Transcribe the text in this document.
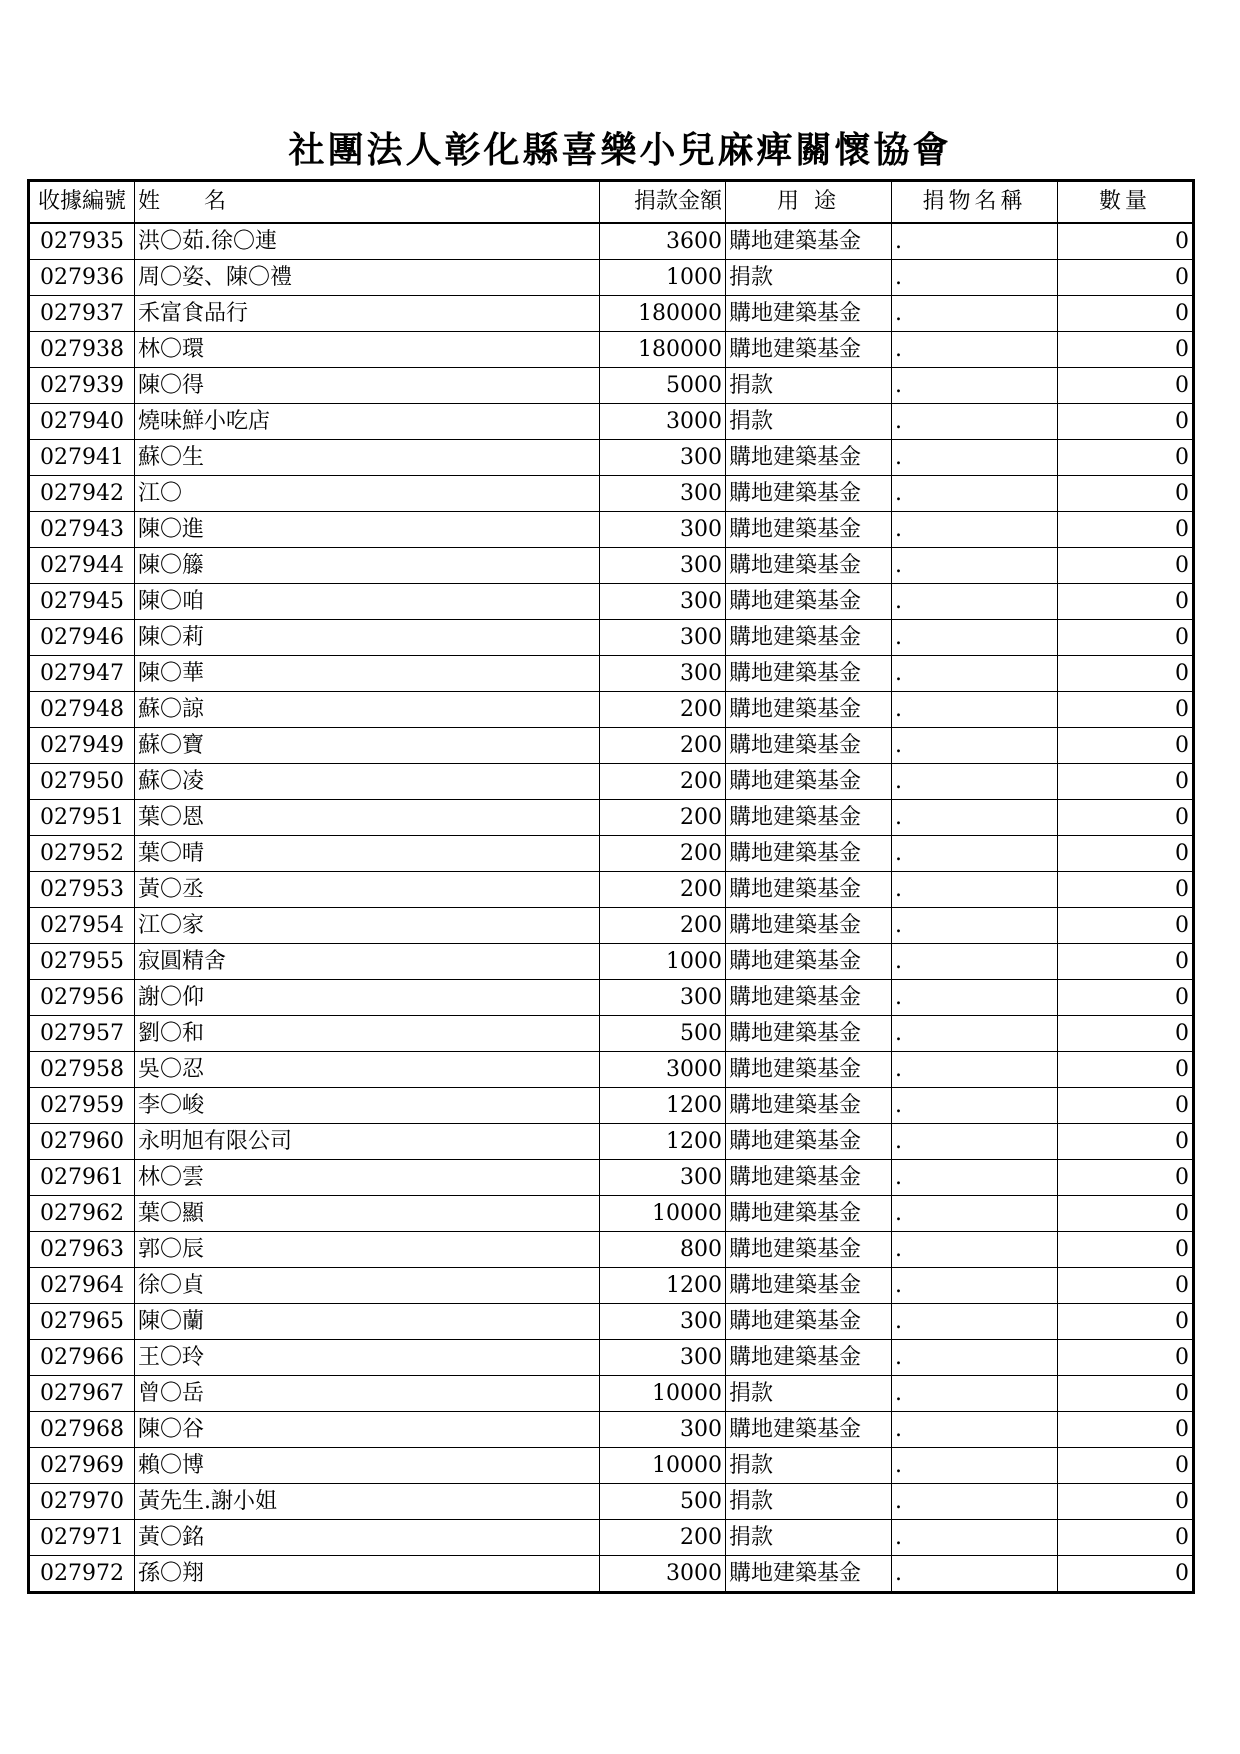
社團法人彰化縣喜樂小兒麻痺關懷協會
收據編號	姓　　名	捐款金額	用 途	捐物名稱	數量
027935	洪〇茹.徐〇連	3600	購地建築基金	.	0
027936	周〇姿、陳〇禮	1000	捐款	.	0
027937	禾富食品行	180000	購地建築基金	.	0
027938	林〇環	180000	購地建築基金	.	0
027939	陳〇得	5000	捐款	.	0
027940	燒味鮮小吃店	3000	捐款	.	0
027941	蘇〇生	300	購地建築基金	.	0
027942	江〇	300	購地建築基金	.	0
027943	陳〇進	300	購地建築基金	.	0
027944	陳〇籐	300	購地建築基金	.	0
027945	陳〇咱	300	購地建築基金	.	0
027946	陳〇莉	300	購地建築基金	.	0
027947	陳〇華	300	購地建築基金	.	0
027948	蘇〇諒	200	購地建築基金	.	0
027949	蘇〇寶	200	購地建築基金	.	0
027950	蘇〇凌	200	購地建築基金	.	0
027951	葉〇恩	200	購地建築基金	.	0
027952	葉〇晴	200	購地建築基金	.	0
027953	黃〇丞	200	購地建築基金	.	0
027954	江〇家	200	購地建築基金	.	0
027955	寂圓精舍	1000	購地建築基金	.	0
027956	謝〇仰	300	購地建築基金	.	0
027957	劉〇和	500	購地建築基金	.	0
027958	吳〇忍	3000	購地建築基金	.	0
027959	李〇峻	1200	購地建築基金	.	0
027960	永明旭有限公司	1200	購地建築基金	.	0
027961	林〇雲	300	購地建築基金	.	0
027962	葉〇顯	10000	購地建築基金	.	0
027963	郭〇辰	800	購地建築基金	.	0
027964	徐〇貞	1200	購地建築基金	.	0
027965	陳〇蘭	300	購地建築基金	.	0
027966	王〇玲	300	購地建築基金	.	0
027967	曾〇岳	10000	捐款	.	0
027968	陳〇谷	300	購地建築基金	.	0
027969	賴〇博	10000	捐款	.	0
027970	黃先生.謝小姐	500	捐款	.	0
027971	黃〇銘	200	捐款	.	0
027972	孫〇翔	3000	購地建築基金	.	0
